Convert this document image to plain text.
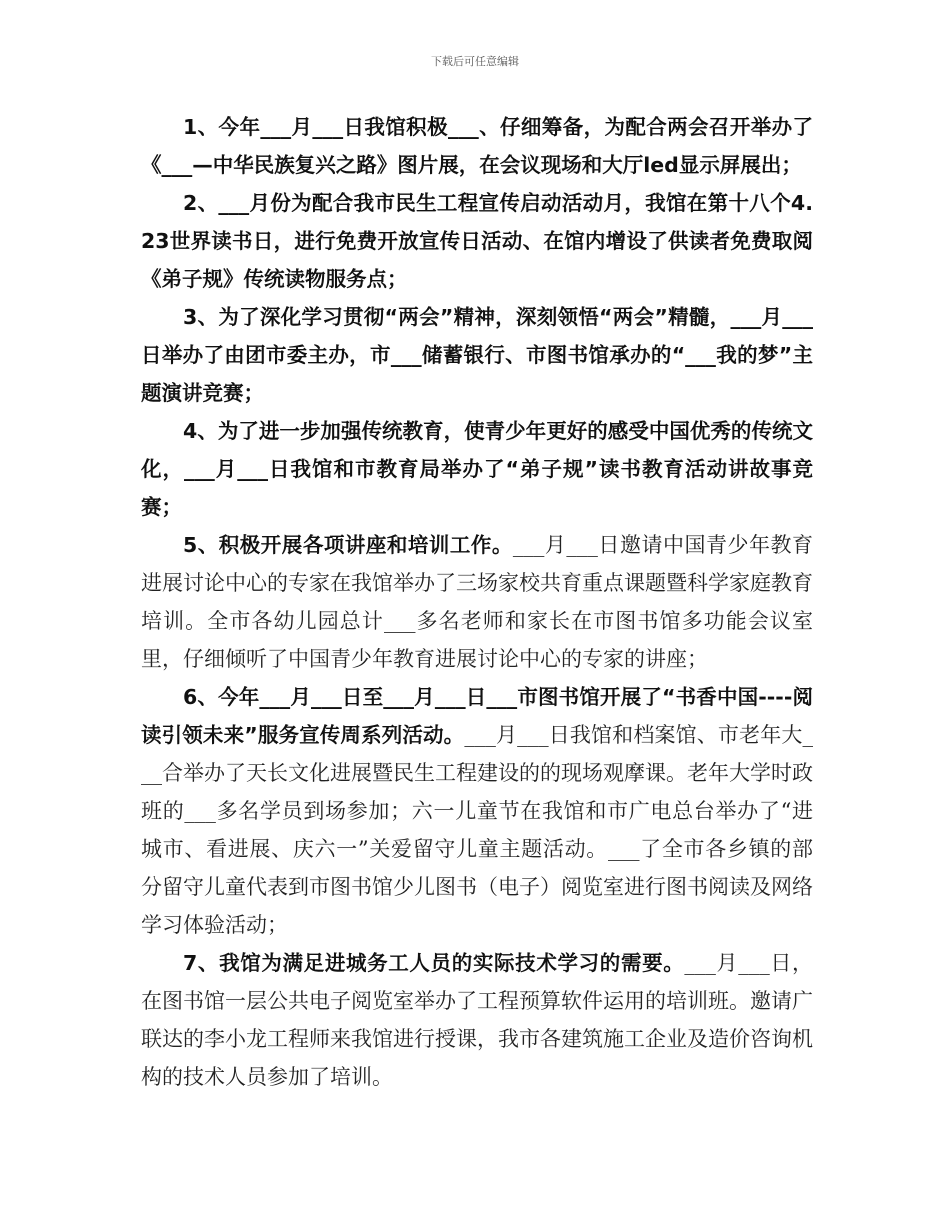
下载后可任意编辑

1、今年___月___日我馆积极___、仔细筹备，为配合两会召开举办了《___—中华民族复兴之路》图片展，在会议现场和大厅led显示屏展出；

2、___月份为配合我市民生工程宣传启动活动月，我馆在第十八个4.23世界读书日，进行免费开放宣传日活动、在馆内增设了供读者免费取阅《弟子规》传统读物服务点；

3、为了深化学习贯彻“两会”精神，深刻领悟“两会”精髓，___月___日举办了由团市委主办，市___储蓄银行、市图书馆承办的“___我的梦”主题演讲竞赛；

4、为了进一步加强传统教育，使青少年更好的感受中国优秀的传统文化，___月___日我馆和市教育局举办了“弟子规”读书教育活动讲故事竞赛；

5、积极开展各项讲座和培训工作。___月___日邀请中国青少年教育进展讨论中心的专家在我馆举办了三场家校共育重点课题暨科学家庭教育培训。全市各幼儿园总计___多名老师和家长在市图书馆多功能会议室里，仔细倾听了中国青少年教育进展讨论中心的专家的讲座；

6、今年___月___日至___月___日___市图书馆开展了“书香中国----阅读引领未来”服务宣传周系列活动。___月___日我馆和档案馆、市老年大___合举办了天长文化进展暨民生工程建设的的现场观摩课。老年大学时政班的___多名学员到场参加；六一儿童节在我馆和市广电总台举办了“进城市、看进展、庆六一”关爱留守儿童主题活动。___了全市各乡镇的部分留守儿童代表到市图书馆少儿图书（电子）阅览室进行图书阅读及网络学习体验活动；

7、我馆为满足进城务工人员的实际技术学习的需要。___月___日，在图书馆一层公共电子阅览室举办了工程预算软件运用的培训班。邀请广联达的李小龙工程师来我馆进行授课，我市各建筑施工企业及造价咨询机构的技术人员参加了培训。
